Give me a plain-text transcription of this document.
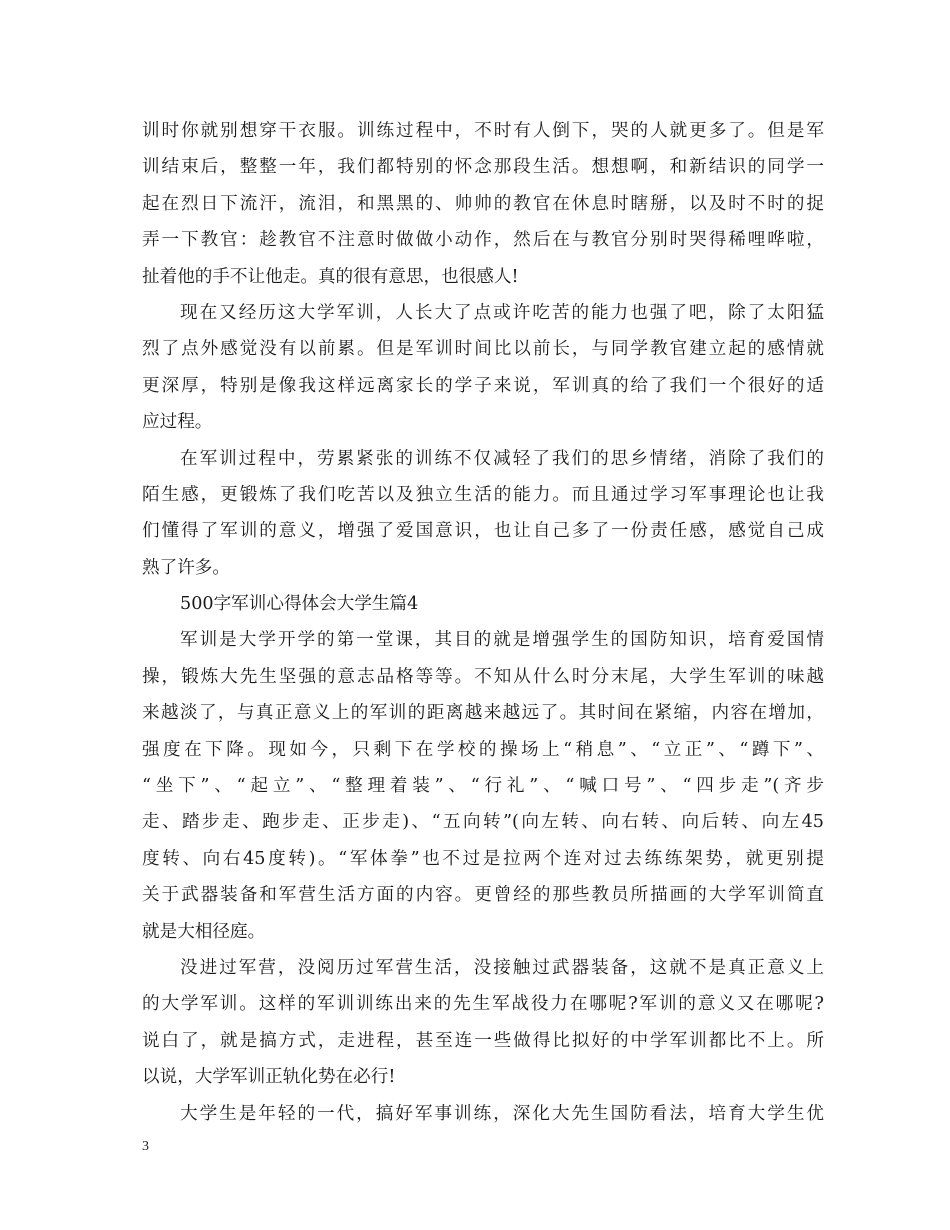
训时你就别想穿干衣服。训练过程中，不时有人倒下，哭的人就更多了。但是军
训结束后，整整一年，我们都特别的怀念那段生活。想想啊，和新结识的同学一
起在烈日下流汗，流泪，和黑黑的、帅帅的教官在休息时瞎掰，以及时不时的捉
弄一下教官：趁教官不注意时做做小动作，然后在与教官分别时哭得稀哩哗啦，
扯着他的手不让他走。真的很有意思，也很感人!
现在又经历这大学军训，人长大了点或许吃苦的能力也强了吧，除了太阳猛
烈了点外感觉没有以前累。但是军训时间比以前长，与同学教官建立起的感情就
更深厚，特别是像我这样远离家长的学子来说，军训真的给了我们一个很好的适
应过程。
在军训过程中，劳累紧张的训练不仅减轻了我们的思乡情绪，消除了我们的
陌生感，更锻炼了我们吃苦以及独立生活的能力。而且通过学习军事理论也让我
们懂得了军训的意义，增强了爱国意识，也让自己多了一份责任感，感觉自己成
熟了许多。
500字军训心得体会大学生篇4
军训是大学开学的第一堂课，其目的就是增强学生的国防知识，培育爱国情
操，锻炼大先生坚强的意志品格等等。不知从什么时分末尾，大学生军训的味越
来越淡了，与真正意义上的军训的距离越来越远了。其时间在紧缩，内容在增加，
强度在下降。现如今，只剩下在学校的操场上“稍息”、“立正”、“蹲下”、
“坐下”、“起立”、“整理着装”、“行礼”、“喊口号”、“四步走”(齐步
走、踏步走、跑步走、正步走)、“五向转”(向左转、向右转、向后转、向左45
度转、向右45度转)。“军体拳”也不过是拉两个连对过去练练架势，就更别提
关于武器装备和军营生活方面的内容。更曾经的那些教员所描画的大学军训简直
就是大相径庭。
没进过军营，没阅历过军营生活，没接触过武器装备，这就不是真正意义上
的大学军训。这样的军训训练出来的先生军战役力在哪呢?军训的意义又在哪呢?
说白了，就是搞方式，走进程，甚至连一些做得比拟好的中学军训都比不上。所
以说，大学军训正轨化势在必行!
大学生是年轻的一代，搞好军事训练，深化大先生国防看法，培育大学生优
3
